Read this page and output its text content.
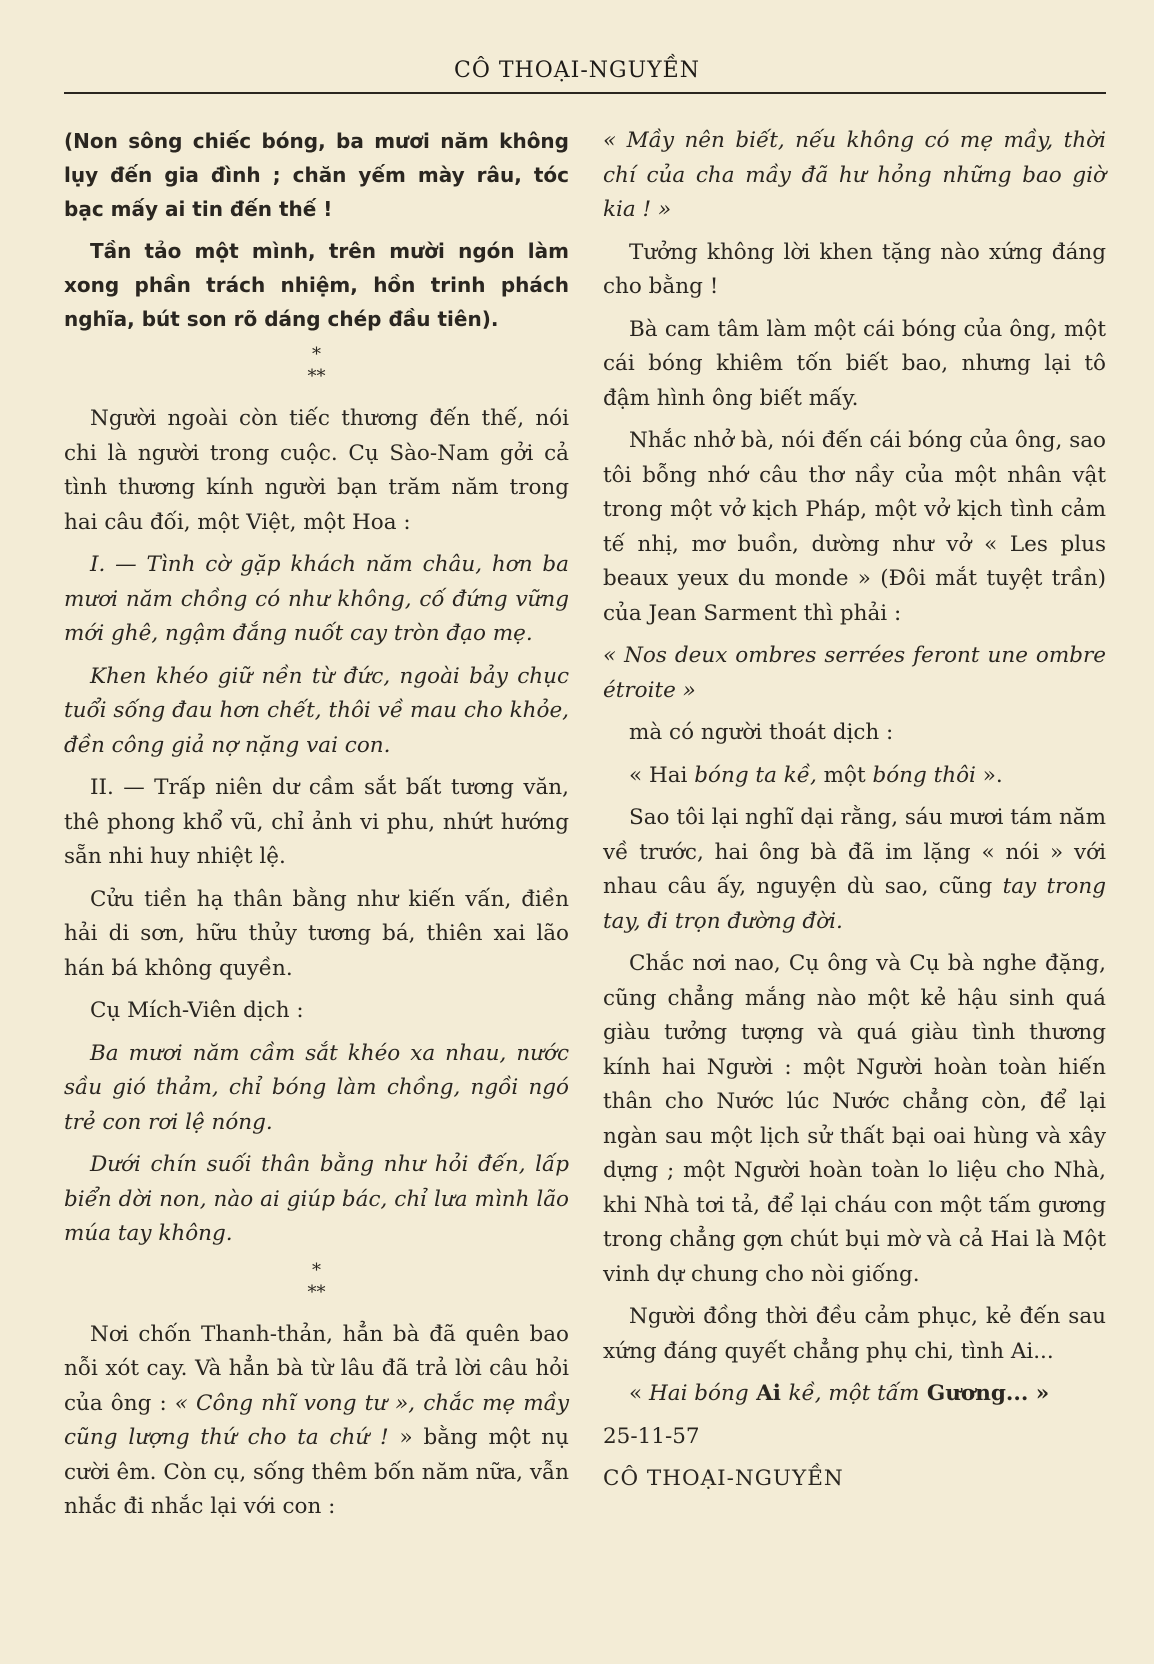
CÔ THOẠI-NGUYỀN

(Non sông chiếc bóng, ba mươi năm không lụy đến gia đình ; chăn yếm mày râu, tóc bạc mấy ai tin đến thế !

Tần tảo một mình, trên mười ngón làm xong phần trách nhiệm, hồn trinh phách nghĩa, bút son rõ dáng chép đầu tiên).

*
**

Người ngoài còn tiếc thương đến thế, nói chi là người trong cuộc. Cụ Sào-Nam gởi cả tình thương kính người bạn trăm năm trong hai câu đối, một Việt, một Hoa :

I. — Tình cờ gặp khách năm châu, hơn ba mươi năm chồng có như không, cố đứng vững mới ghê, ngậm đắng nuốt cay tròn đạo mẹ.

Khen khéo giữ nền từ đức, ngoài bảy chục tuổi sống đau hơn chết, thôi về mau cho khỏe, đền công giả nợ nặng vai con.

II. — Trấp niên dư cầm sắt bất tương văn, thê phong khổ vũ, chỉ ảnh vi phu, nhứt hướng sẵn nhi huy nhiệt lệ.

Cửu tiền hạ thân bằng như kiến vấn, điền hải di sơn, hữu thủy tương bá, thiên xai lão hán bá không quyền.

Cụ Mích-Viên dịch :

Ba mươi năm cầm sắt khéo xa nhau, nước sầu gió thảm, chỉ bóng làm chồng, ngồi ngó trẻ con rơi lệ nóng.

Dưới chín suối thân bằng như hỏi đến, lấp biển dời non, nào ai giúp bác, chỉ lưa mình lão múa tay không.

*
**

Nơi chốn Thanh-thản, hẳn bà đã quên bao nỗi xót cay. Và hẳn bà từ lâu đã trả lời câu hỏi của ông : « Công nhĩ vong tư », chắc mẹ mầy cũng lượng thứ cho ta chứ ! » bằng một nụ cười êm. Còn cụ, sống thêm bốn năm nữa, vẫn nhắc đi nhắc lại với con :

« Mầy nên biết, nếu không có mẹ mầy, thời chí của cha mầy đã hư hỏng những bao giờ kia ! »

Tưởng không lời khen tặng nào xứng đáng cho bằng !

Bà cam tâm làm một cái bóng của ông, một cái bóng khiêm tốn biết bao, nhưng lại tô đậm hình ông biết mấy.

Nhắc nhở bà, nói đến cái bóng của ông, sao tôi bỗng nhớ câu thơ nầy của một nhân vật trong một vở kịch Pháp, một vở kịch tình cảm tế nhị, mơ buồn, dường như vở « Les plus beaux yeux du monde » (Đôi mắt tuyệt trần) của Jean Sarment thì phải :

« Nos deux ombres serrées feront une ombre étroite »

mà có người thoát dịch :

« Hai bóng ta kề, một bóng thôi ».

Sao tôi lại nghĩ dại rằng, sáu mươi tám năm về trước, hai ông bà đã im lặng « nói » với nhau câu ấy, nguyện dù sao, cũng tay trong tay, đi trọn đường đời.

Chắc nơi nao, Cụ ông và Cụ bà nghe đặng, cũng chẳng mắng nào một kẻ hậu sinh quá giàu tưởng tượng và quá giàu tình thương kính hai Người : một Người hoàn toàn hiến thân cho Nước lúc Nước chẳng còn, để lại ngàn sau một lịch sử thất bại oai hùng và xây dựng ; một Người hoàn toàn lo liệu cho Nhà, khi Nhà tơi tả, để lại cháu con một tấm gương trong chẳng gợn chút bụi mờ và cả Hai là Một vinh dự chung cho nòi giống.

Người đồng thời đều cảm phục, kẻ đến sau xứng đáng quyết chẳng phụ chi, tình Ai...

« Hai bóng Ai kề, một tấm Gương... »

25-11-57

CÔ THOẠI-NGUYỀN
